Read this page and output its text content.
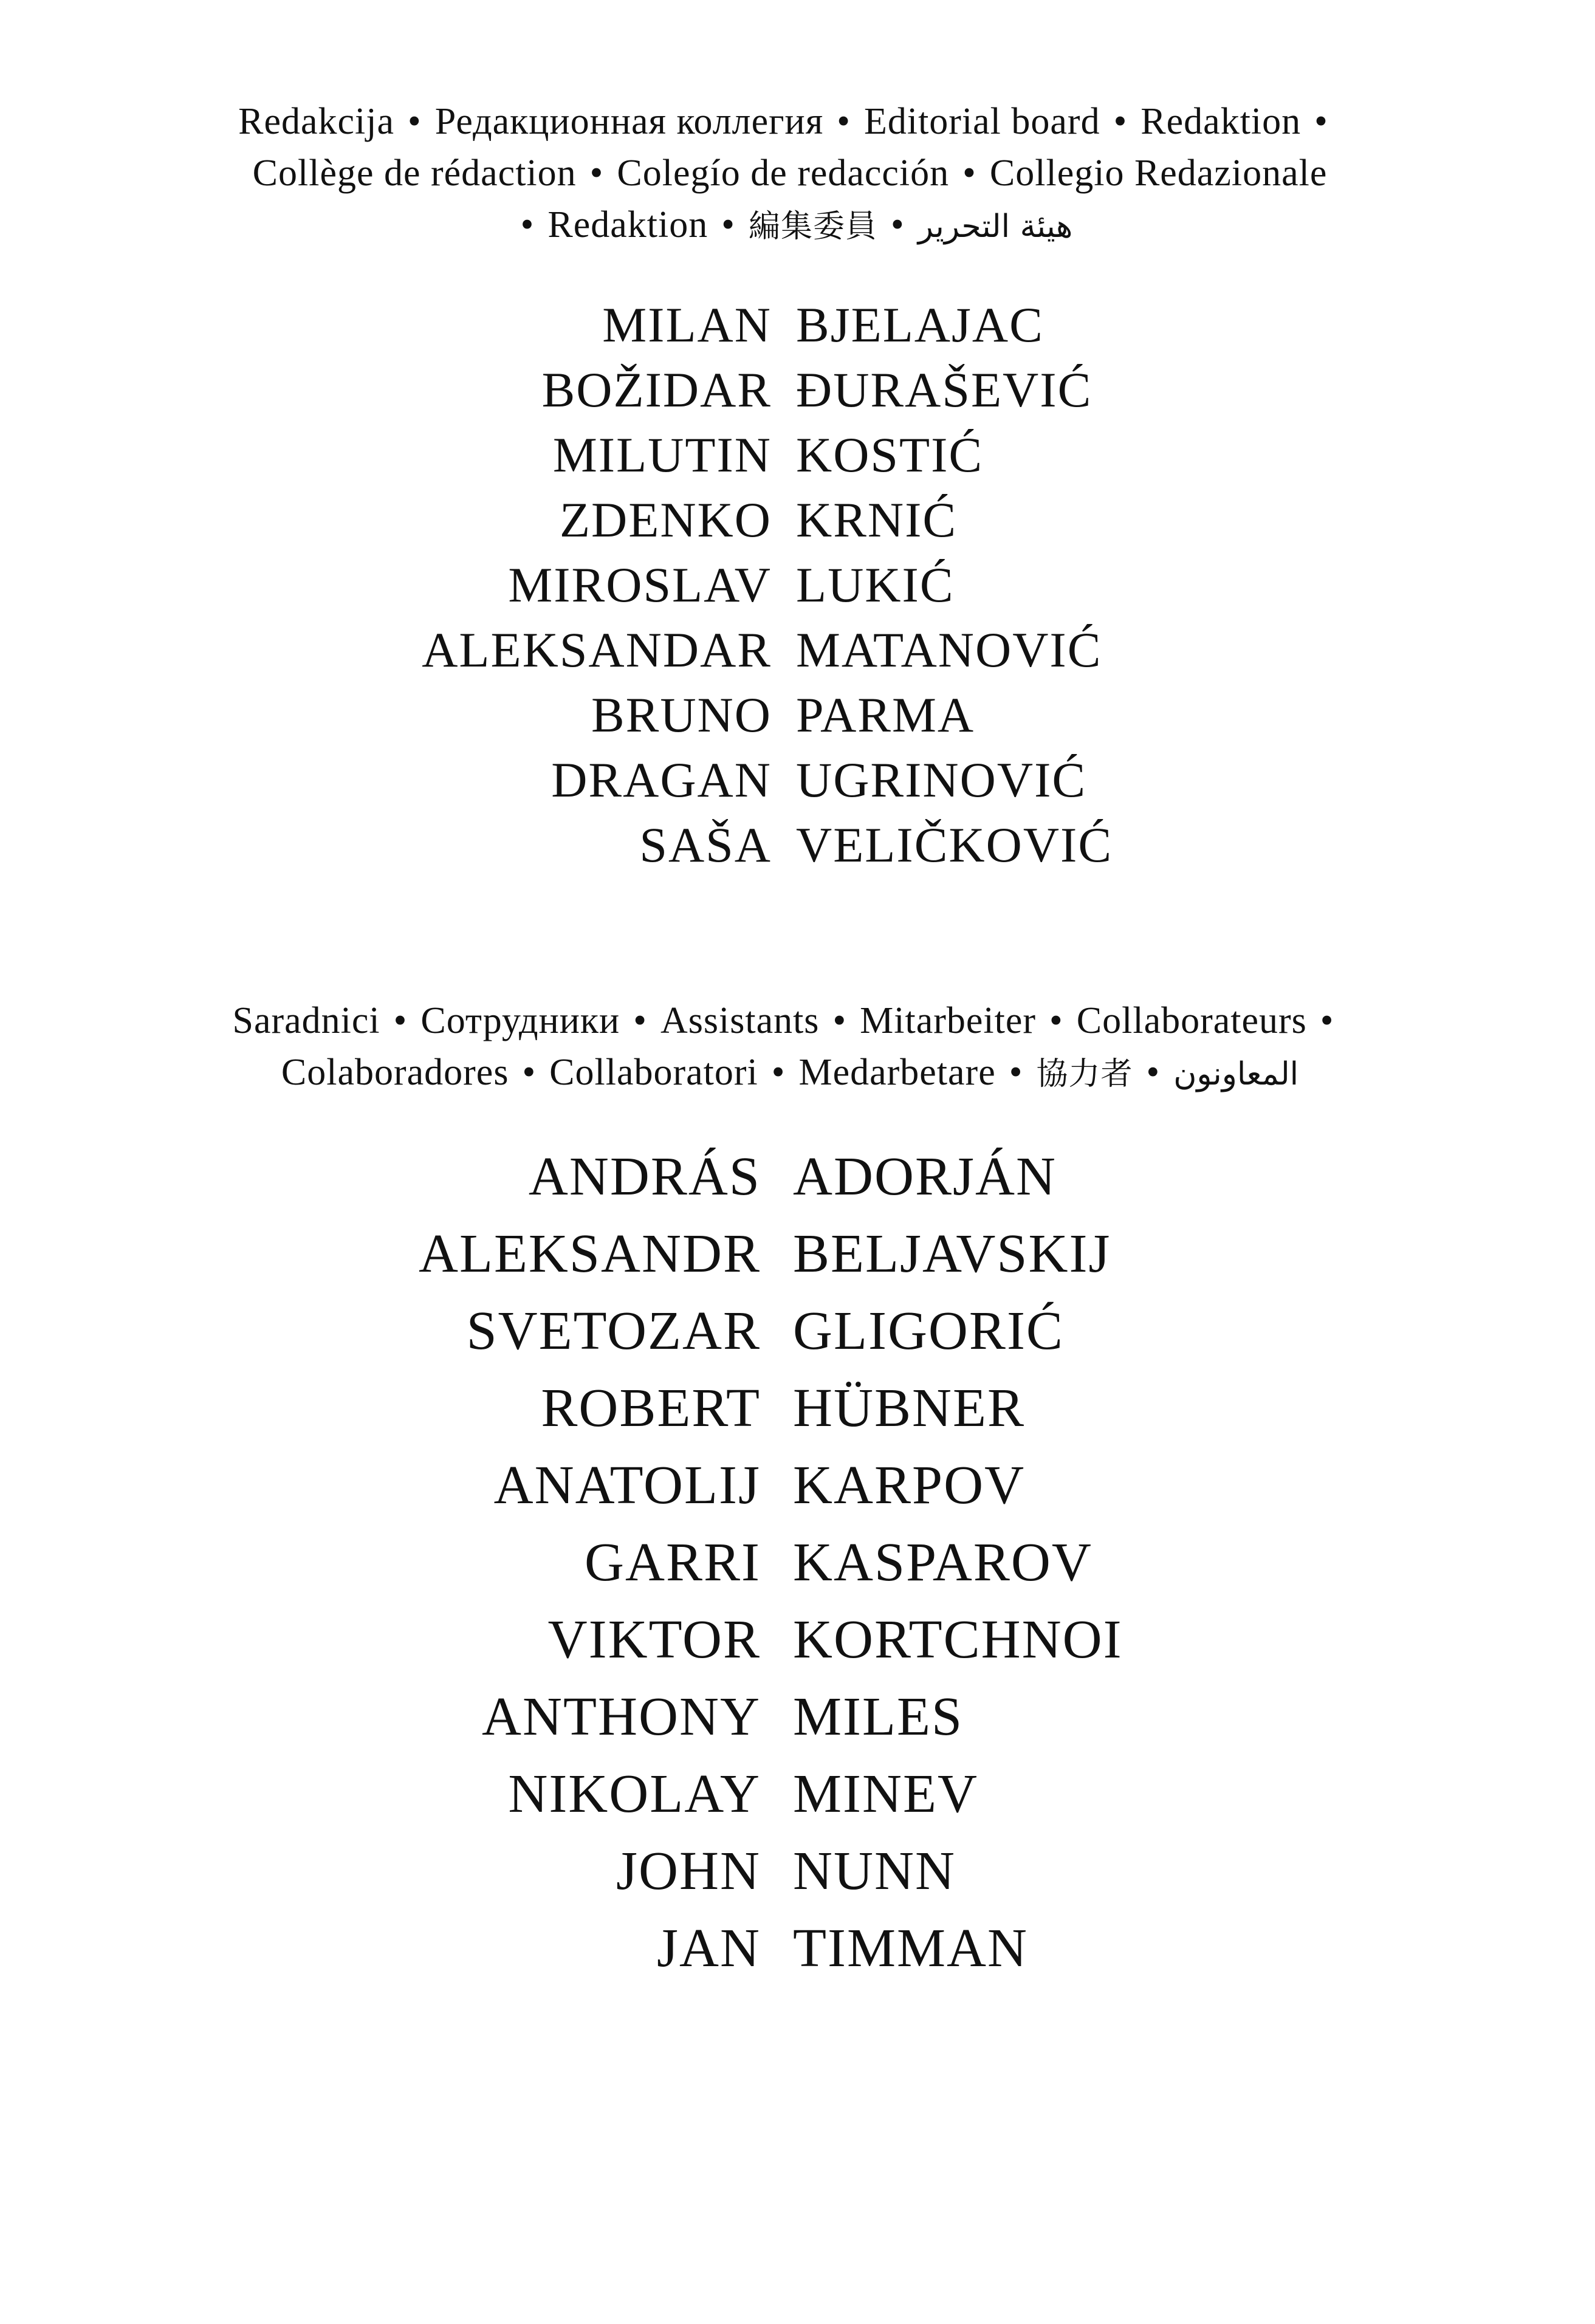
Redakcija • Редакционная коллегия • Editorial board • Redaktion •
Collège de rédaction • Colegío de redacción • Collegio Redazionale
• Redaktion • 編集委員 • هيئة التحرير
MILAN BJELAJAC
BOŽIDAR ĐURAŠEVIĆ
MILUTIN KOSTIĆ
ZDENKO KRNIĆ
MIROSLAV LUKIĆ
ALEKSANDAR MATANOVIĆ
BRUNO PARMA
DRAGAN UGRINOVIĆ
SAŠA VELIČKOVIĆ
Saradnici • Сотрудники • Assistants • Mitarbeiter • Collaborateurs •
Colaboradores • Collaboratori • Medarbetare • 協力者 • المعاونون
ANDRÁS ADORJÁN
ALEKSANDR BELJAVSKIJ
SVETOZAR GLIGORIĆ
ROBERT HÜBNER
ANATOLIJ KARPOV
GARRI KASPAROV
VIKTOR KORTCHNOI
ANTHONY MILES
NIKOLAY MINEV
JOHN NUNN
JAN TIMMAN
